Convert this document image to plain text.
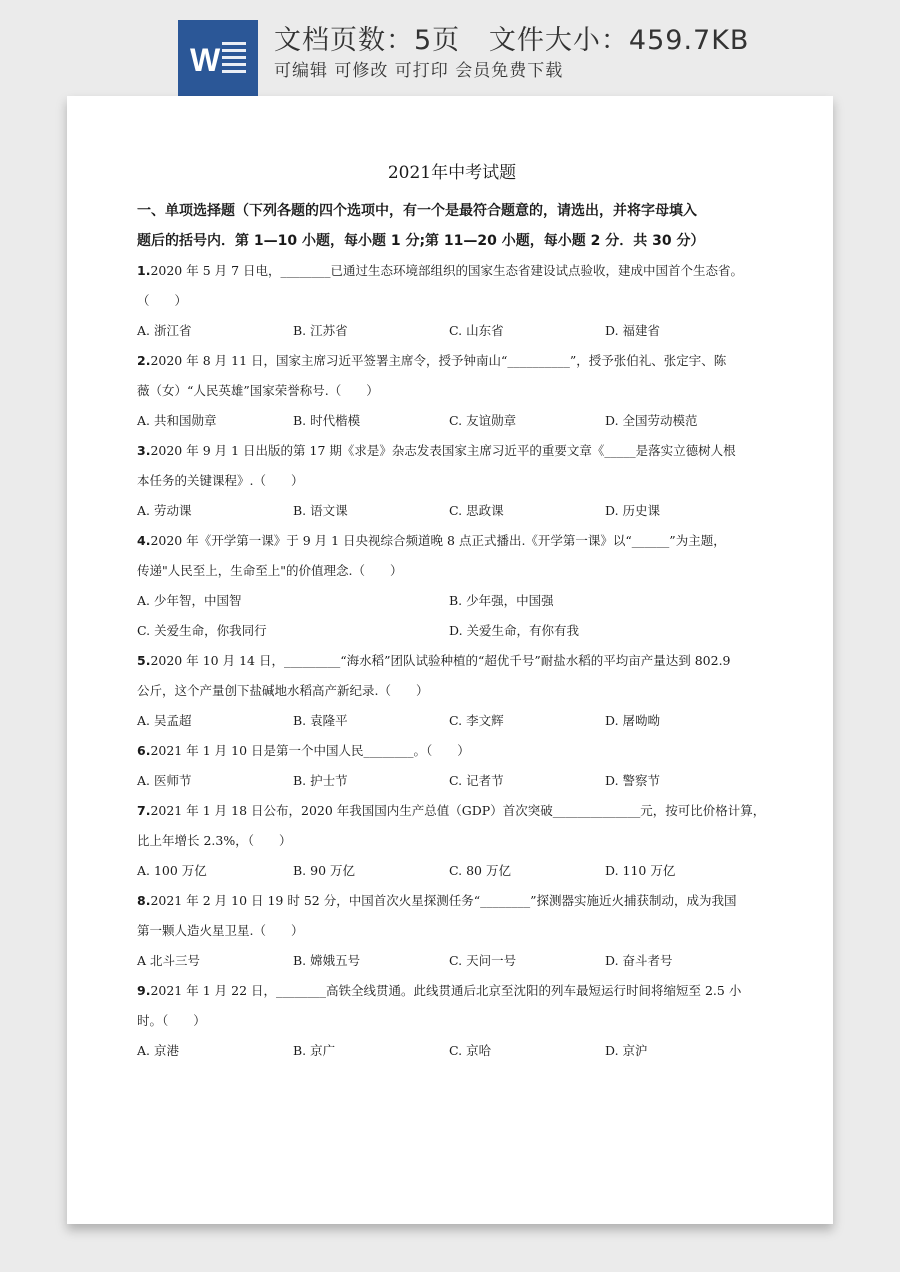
W
文档页数：5页   文件大小：459.7KB
可编辑 可修改 可打印 会员免费下载
2021年中考试题

一、单项选择题（下列各题的四个选项中，有一个是最符合题意的，请选出，并将字母填入

题后的括号内．第 1—10 小题，每小题 1 分;第 11—20 小题，每小题 2 分．共 30 分）

1.2020 年 5 月 7 日电，________已通过生态环境部组织的国家生态省建设试点验收，建成中国首个生态省。

（　　）

A. 浙江省	B. 江苏省	C. 山东省	D. 福建省

2.2020 年 8 月 11 日，国家主席习近平签署主席令，授予钟南山“__________”，授予张伯礼、张定宇、陈

薇（女）“人民英雄”国家荣誉称号.（　　）

A. 共和国勋章	B. 时代楷模	C. 友谊勋章	D. 全国劳动模范

3.2020 年 9 月 1 日出版的第 17 期《求是》杂志发表国家主席习近平的重要文章《_____是落实立德树人根

本任务的关键课程》.（　　）

A. 劳动课	B. 语文课	C. 思政课	D. 历史课

4.2020 年《开学第一课》于 9 月 1 日央视综合频道晚 8 点正式播出.《开学第一课》以“______”为主题，

传递"人民至上，生命至上"的价值理念.（　　）

A. 少年智，中国智	B. 少年强，中国强
C. 关爱生命，你我同行	D. 关爱生命，有你有我

5.2020 年 10 月 14 日，_________“海水稻”团队试验种植的“超优千号”耐盐水稻的平均亩产量达到 802.9

公斤，这个产量创下盐碱地水稻高产新纪录.（　　）

A. 吴孟超	B. 袁隆平	C. 李文辉	D. 屠呦呦

6.2021 年 1 月 10 日是第一个中国人民________。（　　）

A. 医师节	B. 护士节	C. 记者节	D. 警察节

7.2021 年 1 月 18 日公布，2020 年我国国内生产总值（GDP）首次突破______________元，按可比价格计算，

比上年增长 2.3%，（　　）

A. 100 万亿	B. 90 万亿	C. 80 万亿	D. 110 万亿

8.2021 年 2 月 10 日 19 时 52 分，中国首次火星探测任务“________”探测器实施近火捕获制动，成为我国

第一颗人造火星卫星.（　　）

A 北斗三号	B. 嫦娥五号	C. 天问一号	D. 奋斗者号

9.2021 年 1 月 22 日，________高铁全线贯通。此线贯通后北京至沈阳的列车最短运行时间将缩短至 2.5 小

时。（　　）

A. 京港	B. 京广	C. 京哈	D. 京沪
